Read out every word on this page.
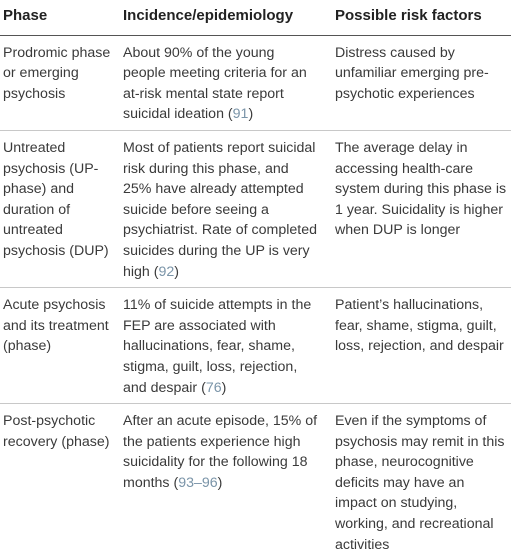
Phase	Incidence/epidemiology	Possible risk factors
Prodromic phase or emerging psychosis	About 90% of the young people meeting criteria for an at-risk mental state report suicidal ideation (91)	Distress caused by unfamiliar emerging pre-psychotic experiences
Untreated psychosis (UP-phase) and duration of untreated psychosis (DUP)	Most of patients report suicidal risk during this phase, and 25% have already attempted suicide before seeing a psychiatrist. Rate of completed suicides during the UP is very high (92)	The average delay in accessing health-care system during this phase is 1 year. Suicidality is higher when DUP is longer
Acute psychosis and its treatment (phase)	11% of suicide attempts in the FEP are associated with hallucinations, fear, shame, stigma, guilt, loss, rejection, and despair (76)	Patient’s hallucinations, fear, shame, stigma, guilt, loss, rejection, and despair
Post-psychotic recovery (phase)	After an acute episode, 15% of the patients experience high suicidality for the following 18 months (93–96)	Even if the symptoms of psychosis may remit in this phase, neurocognitive deficits may have an impact on studying, working, and recreational activities
